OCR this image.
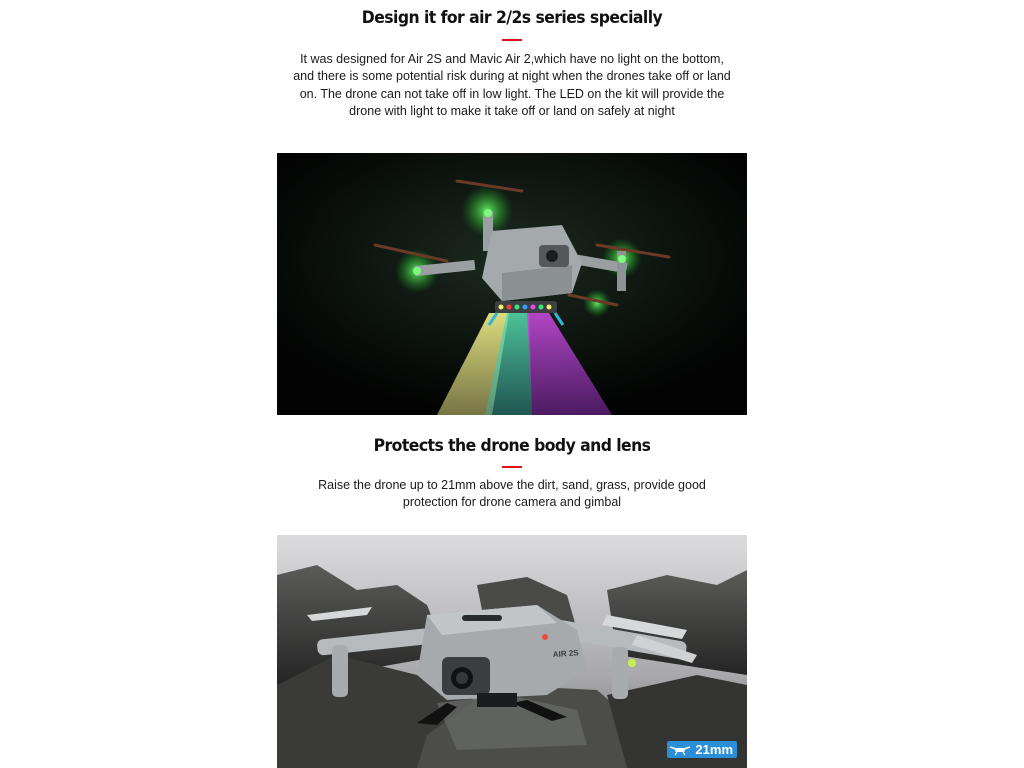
Design it for air 2/2s series specially

It was designed for Air 2S and Mavic Air 2,which have no light on the bottom, and there is some potential risk during at night when the drones take off or land on. The drone can not take off in low light. The LED on the kit will provide the drone with light to make it take off or land on safely at night

Protects the drone body and lens

Raise the drone up to 21mm above the dirt, sand, grass, provide good protection for drone camera and gimbal

AIR 2S
21mm
